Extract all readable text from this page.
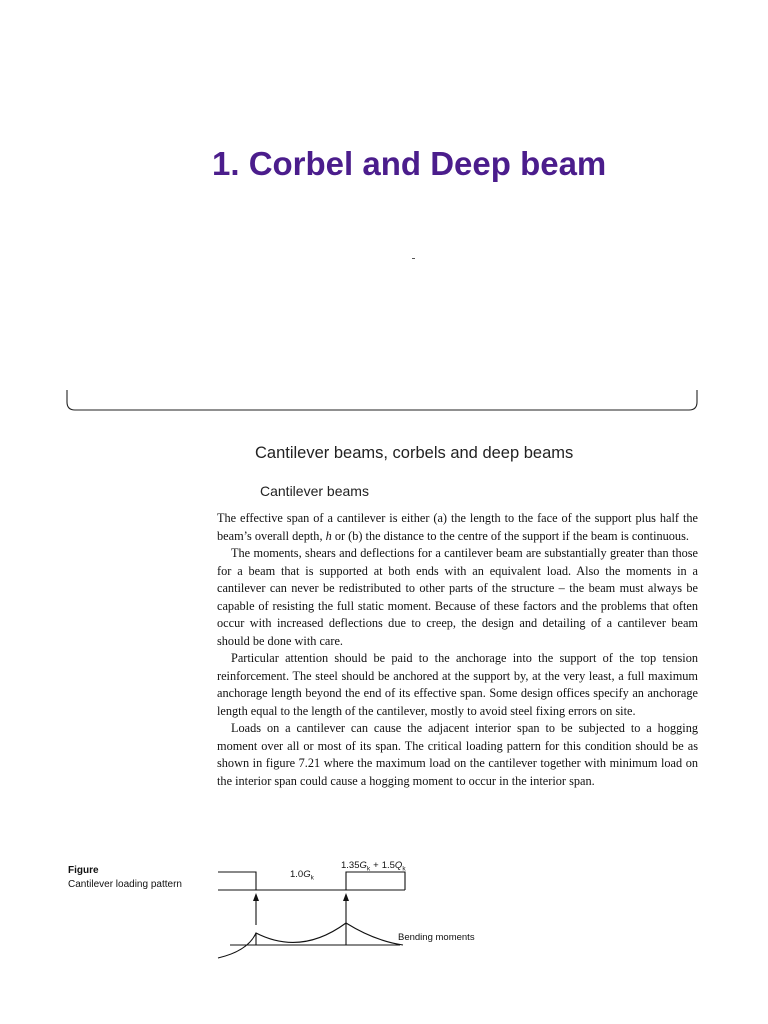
1. Corbel and Deep beam
Cantilever beams, corbels and deep beams
Cantilever beams

The effective span of a cantilever is either (a) the length to the face of the support plus half the beam’s overall depth, h or (b) the distance to the centre of the support if the beam is continuous.

The moments, shears and deflections for a cantilever beam are substantially greater than those for a beam that is supported at both ends with an equivalent load. Also the moments in a cantilever can never be redistributed to other parts of the structure – the beam must always be capable of resisting the full static moment. Because of these factors and the problems that often occur with increased deflections due to creep, the design and detailing of a cantilever beam should be done with care.

Particular attention should be paid to the anchorage into the support of the top tension reinforcement. The steel should be anchored at the support by, at the very least, a full maximum anchorage length beyond the end of its effective span. Some design offices specify an anchorage length equal to the length of the cantilever, mostly to avoid steel fixing errors on site.

Loads on a cantilever can cause the adjacent interior span to be subjected to a hogging moment over all or most of its span. The critical loading pattern for this condition should be as shown in figure 7.21 where the maximum load on the cantilever together with minimum load on the interior span could cause a hogging moment to occur in the interior span.

Figure
Cantilever loading pattern
$1.0G_k$
$1.35G_k + 1.5Q_k$
Bending moments
